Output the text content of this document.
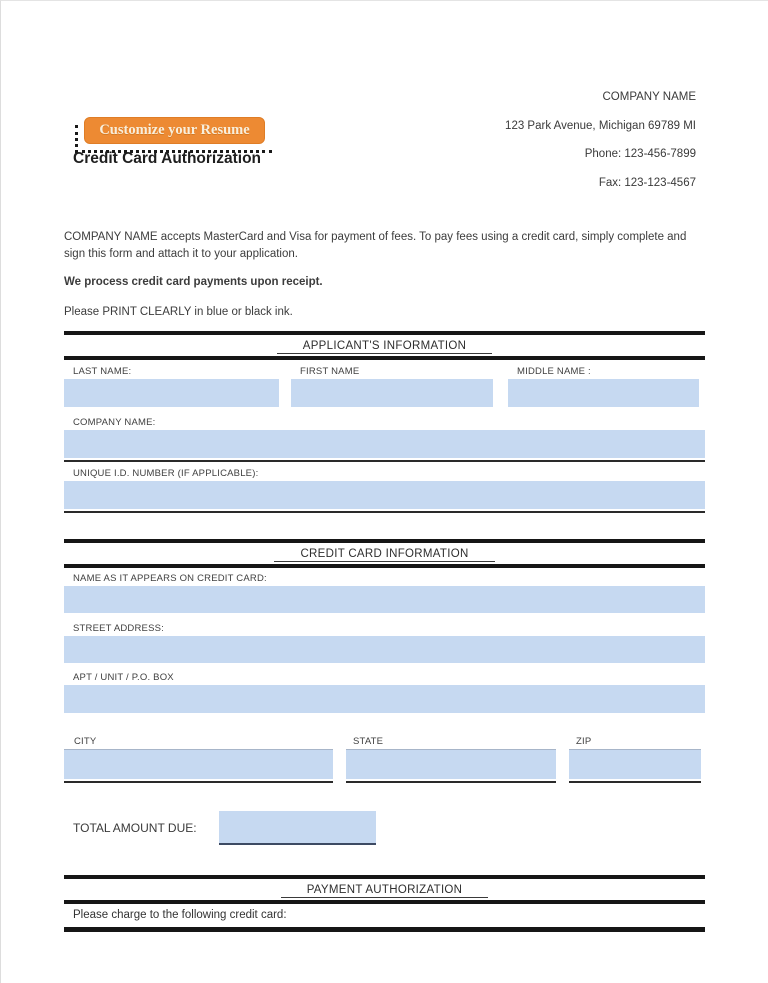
Customize your Resume
Credit Card Authorization
COMPANY NAME
123 Park Avenue, Michigan 69789 MI
Phone: 123-456-7899
Fax: 123-123-4567

COMPANY NAME accepts MasterCard and Visa for payment of fees. To pay fees using a credit card, simply complete and sign this form and attach it to your application.

We process credit card payments upon receipt.

Please PRINT CLEARLY in blue or black ink.

APPLICANT'S INFORMATION
LAST NAME:	FIRST NAME	MIDDLE NAME :
COMPANY NAME:
UNIQUE I.D. NUMBER (IF APPLICABLE):
CREDIT CARD INFORMATION
NAME AS IT APPEARS ON CREDIT CARD:
STREET ADDRESS:
APT / UNIT / P.O. BOX
CITY	STATE	ZIP
TOTAL AMOUNT DUE:
PAYMENT AUTHORIZATION
Please charge to the following credit card:
